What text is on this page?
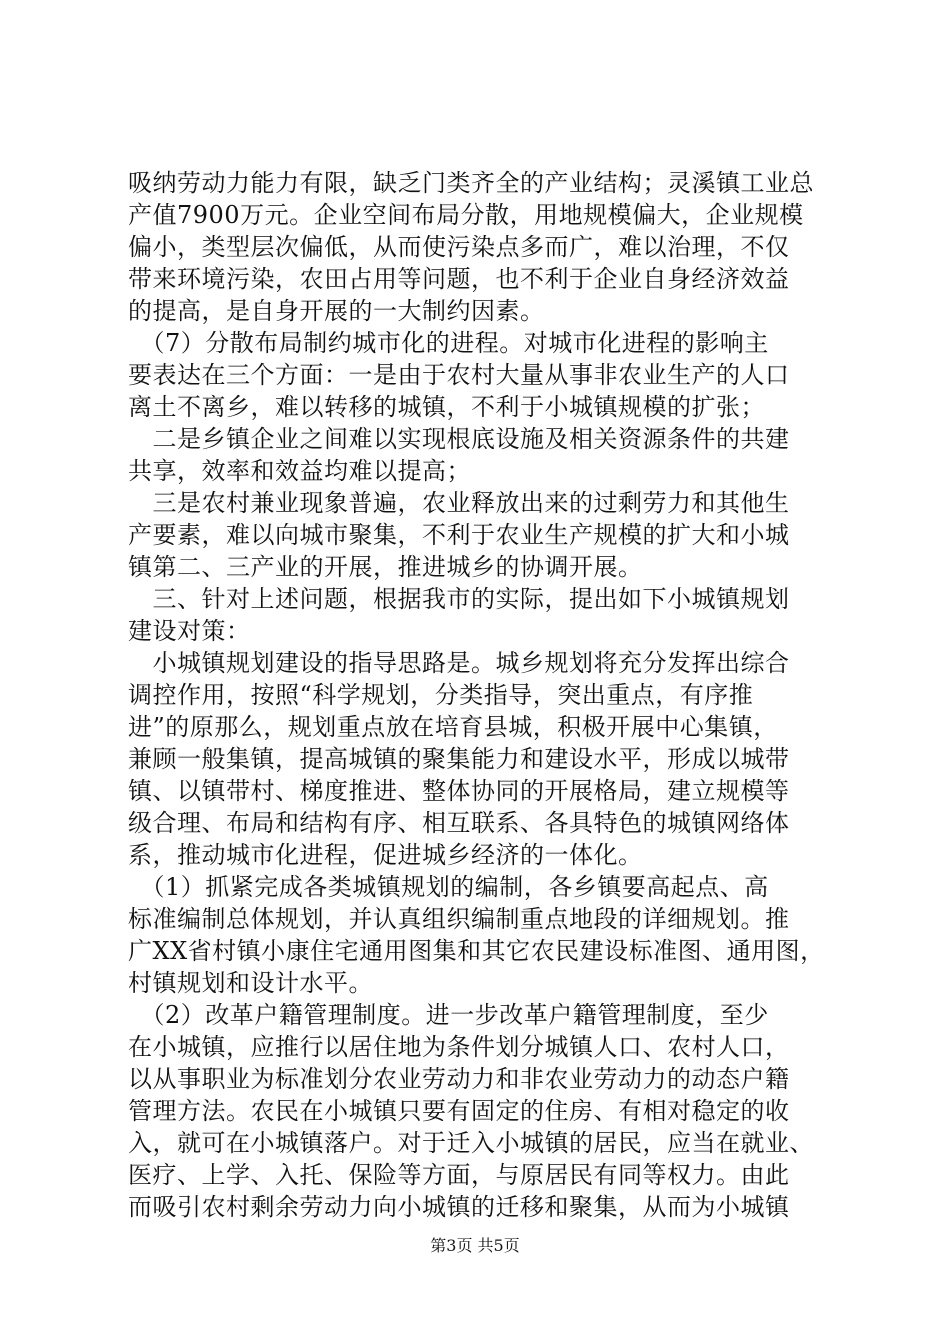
吸纳劳动力能力有限，缺乏门类齐全的产业结构；灵溪镇工业总
产值7900万元。企业空间布局分散，用地规模偏大，企业规模
偏小，类型层次偏低，从而使污染点多而广，难以治理，不仅
带来环境污染，农田占用等问题，也不利于企业自身经济效益
的提高，是自身开展的一大制约因素。
　（7）分散布局制约城市化的进程。对城市化进程的影响主
要表达在三个方面：一是由于农村大量从事非农业生产的人口
离土不离乡，难以转移的城镇，不利于小城镇规模的扩张；
　二是乡镇企业之间难以实现根底设施及相关资源条件的共建
共享，效率和效益均难以提高；
　三是农村兼业现象普遍，农业释放出来的过剩劳力和其他生
产要素，难以向城市聚集，不利于农业生产规模的扩大和小城
镇第二、三产业的开展，推进城乡的协调开展。
　三、针对上述问题，根据我市的实际，提出如下小城镇规划
建设对策：
　小城镇规划建设的指导思路是。城乡规划将充分发挥出综合
调控作用，按照“科学规划，分类指导，突出重点，有序推
进”的原那么，规划重点放在培育县城，积极开展中心集镇，
兼顾一般集镇，提高城镇的聚集能力和建设水平，形成以城带
镇、以镇带村、梯度推进、整体协同的开展格局，建立规模等
级合理、布局和结构有序、相互联系、各具特色的城镇网络体
系，推动城市化进程，促进城乡经济的一体化。
　（1）抓紧完成各类城镇规划的编制，各乡镇要高起点、高
标准编制总体规划，并认真组织编制重点地段的详细规划。推
广XX省村镇小康住宅通用图集和其它农民建设标准图、通用图，
村镇规划和设计水平。
　（2）改革户籍管理制度。进一步改革户籍管理制度，至少
在小城镇，应推行以居住地为条件划分城镇人口、农村人口，
以从事职业为标准划分农业劳动力和非农业劳动力的动态户籍
管理方法。农民在小城镇只要有固定的住房、有相对稳定的收
入，就可在小城镇落户。对于迁入小城镇的居民，应当在就业、
医疗、上学、入托、保险等方面，与原居民有同等权力。由此
而吸引农村剩余劳动力向小城镇的迁移和聚集，从而为小城镇
第3页 共5页
